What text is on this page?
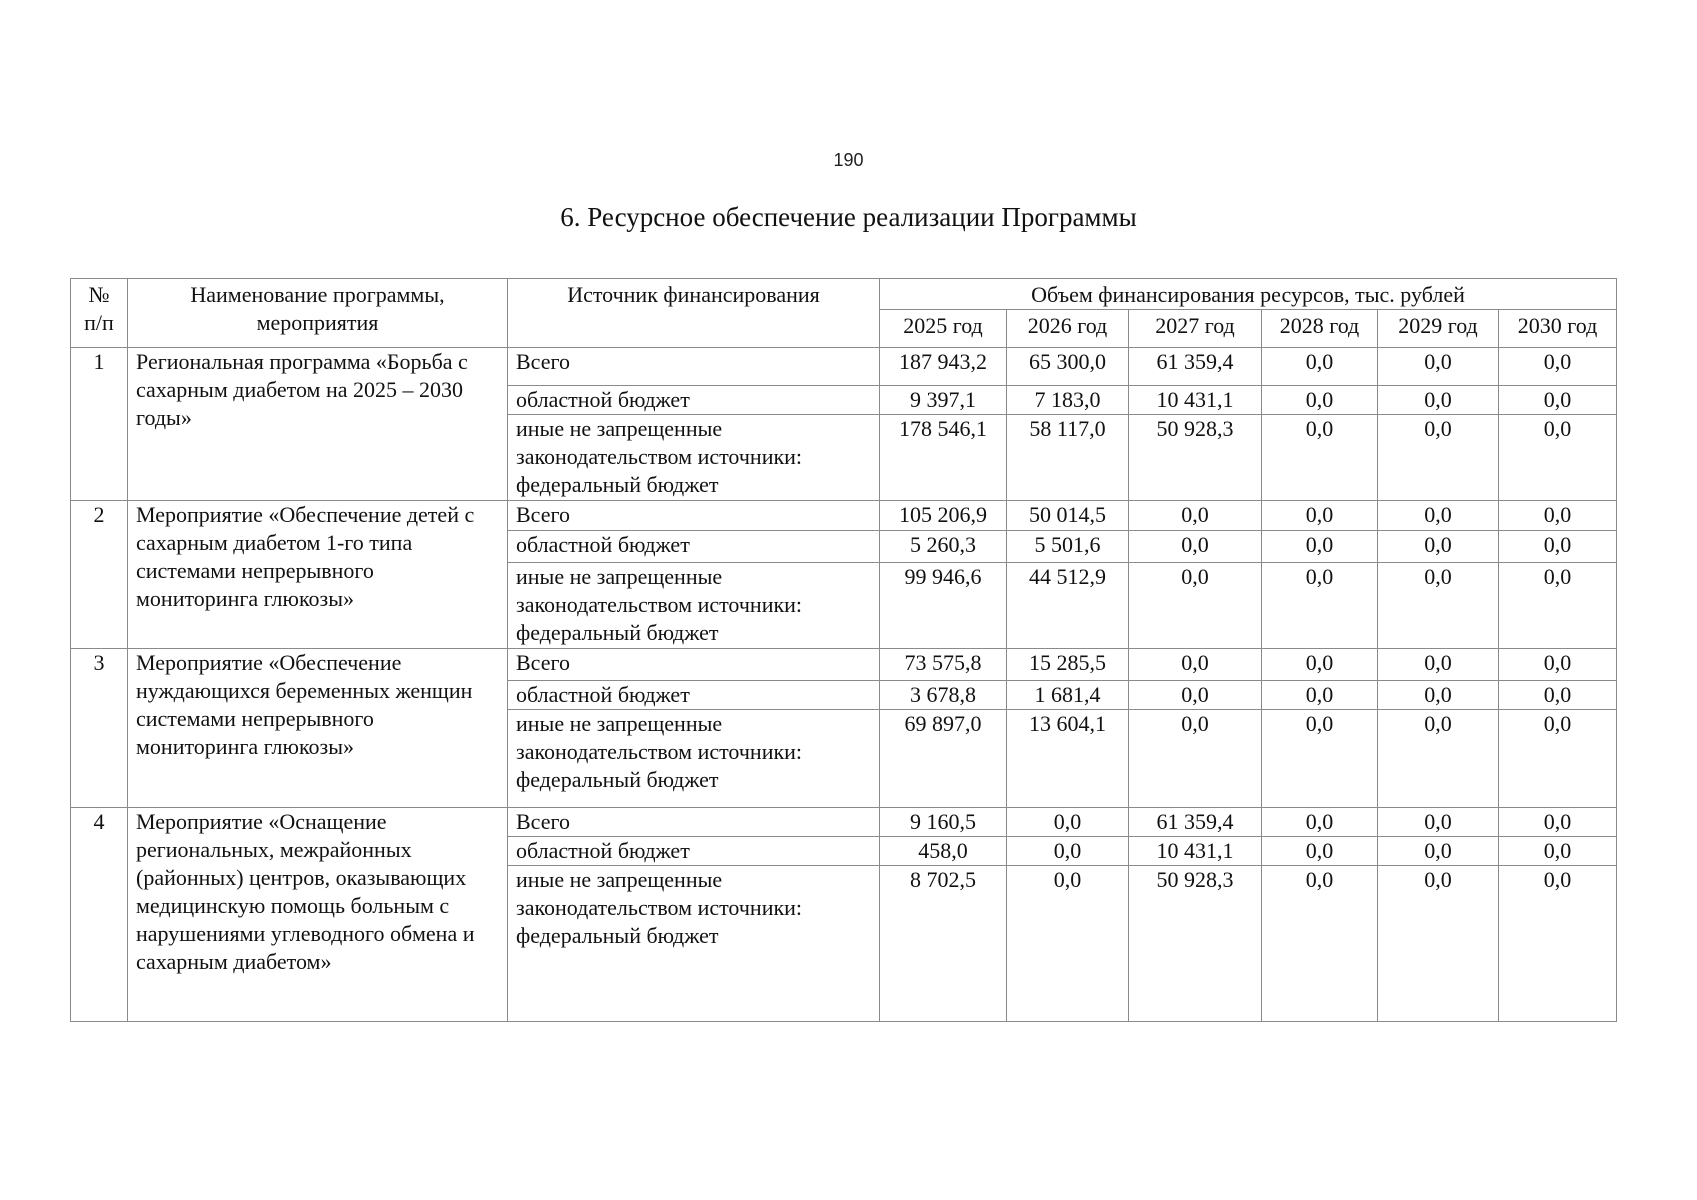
190
6. Ресурсное обеспечение реализации Программы
№ п/п	Наименование программы, мероприятия	Источник финансирования	Объем финансирования ресурсов, тыс. рублей					
			2025 год	2026 год	2027 год	2028 год	2029 год	2030 год
1	Региональная программа «Борьба с сахарным диабетом на 2025 – 2030 годы»	Всего	187 943,2	65 300,0	61 359,4	0,0	0,0	0,0
		областной бюджет	9 397,1	7 183,0	10 431,1	0,0	0,0	0,0
		иные не запрещенные законодательством источники: федеральный бюджет	178 546,1	58 117,0	50 928,3	0,0	0,0	0,0
2	Мероприятие «Обеспечение детей с сахарным диабетом 1-го типа системами непрерывного мониторинга глюкозы»	Всего	105 206,9	50 014,5	0,0	0,0	0,0	0,0
		областной бюджет	5 260,3	5 501,6	0,0	0,0	0,0	0,0
		иные не запрещенные законодательством источники: федеральный бюджет	99 946,6	44 512,9	0,0	0,0	0,0	0,0
3	Мероприятие «Обеспечение нуждающихся беременных женщин системами непрерывного мониторинга глюкозы»	Всего	73 575,8	15 285,5	0,0	0,0	0,0	0,0
		областной бюджет	3 678,8	1 681,4	0,0	0,0	0,0	0,0
		иные не запрещенные законодательством источники: федеральный бюджет	69 897,0	13 604,1	0,0	0,0	0,0	0,0
4	Мероприятие «Оснащение региональных, межрайонных (районных) центров, оказывающих медицинскую помощь больным с нарушениями углеводного обмена и сахарным диабетом»	Всего	9 160,5	0,0	61 359,4	0,0	0,0	0,0
		областной бюджет	458,0	0,0	10 431,1	0,0	0,0	0,0
		иные не запрещенные законодательством источники: федеральный бюджет	8 702,5	0,0	50 928,3	0,0	0,0	0,0
